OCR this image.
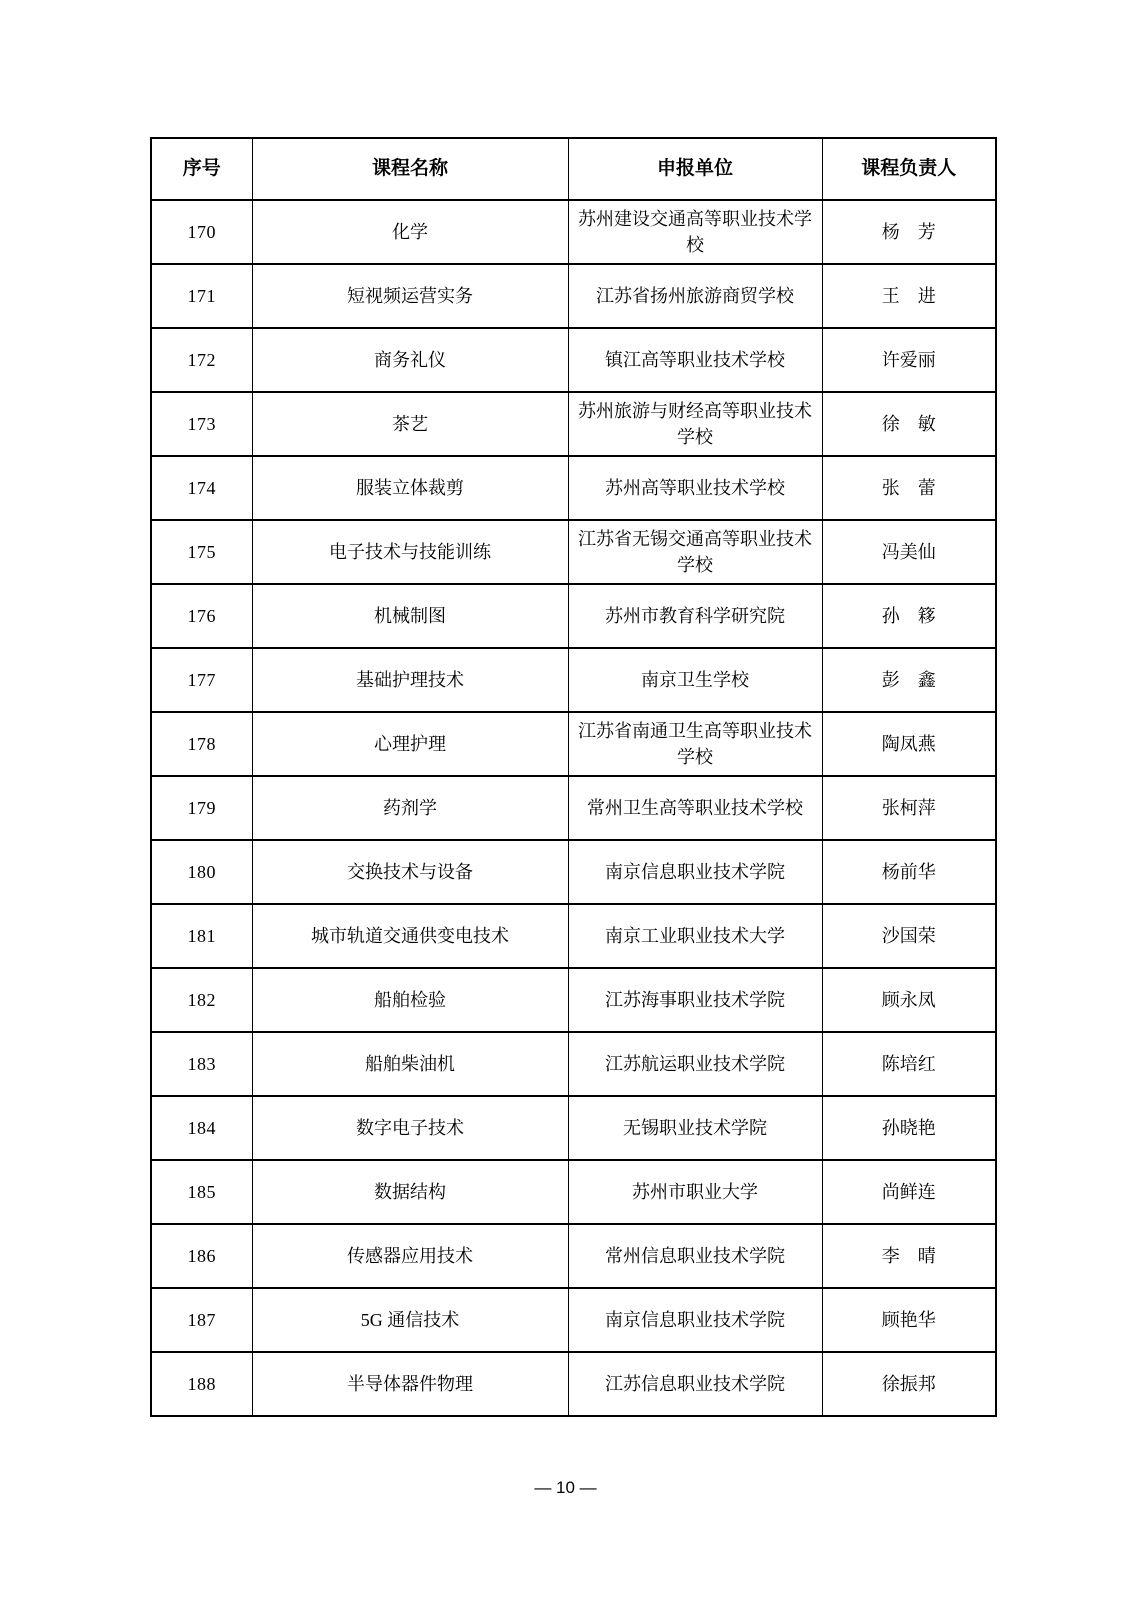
序号	课程名称	申报单位	课程负责人
170	化学	苏州建设交通高等职业技术学校	杨　芳
171	短视频运营实务	江苏省扬州旅游商贸学校	王　进
172	商务礼仪	镇江高等职业技术学校	许爱丽
173	茶艺	苏州旅游与财经高等职业技术学校	徐　敏
174	服装立体裁剪	苏州高等职业技术学校	张　蕾
175	电子技术与技能训练	江苏省无锡交通高等职业技术学校	冯美仙
176	机械制图	苏州市教育科学研究院	孙　簃
177	基础护理技术	南京卫生学校	彭　鑫
178	心理护理	江苏省南通卫生高等职业技术学校	陶凤燕
179	药剂学	常州卫生高等职业技术学校	张柯萍
180	交换技术与设备	南京信息职业技术学院	杨前华
181	城市轨道交通供变电技术	南京工业职业技术大学	沙国荣
182	船舶检验	江苏海事职业技术学院	顾永凤
183	船舶柴油机	江苏航运职业技术学院	陈培红
184	数字电子技术	无锡职业技术学院	孙晓艳
185	数据结构	苏州市职业大学	尚鲜连
186	传感器应用技术	常州信息职业技术学院	李　晴
187	5G 通信技术	南京信息职业技术学院	顾艳华
188	半导体器件物理	江苏信息职业技术学院	徐振邦
— 10 —
